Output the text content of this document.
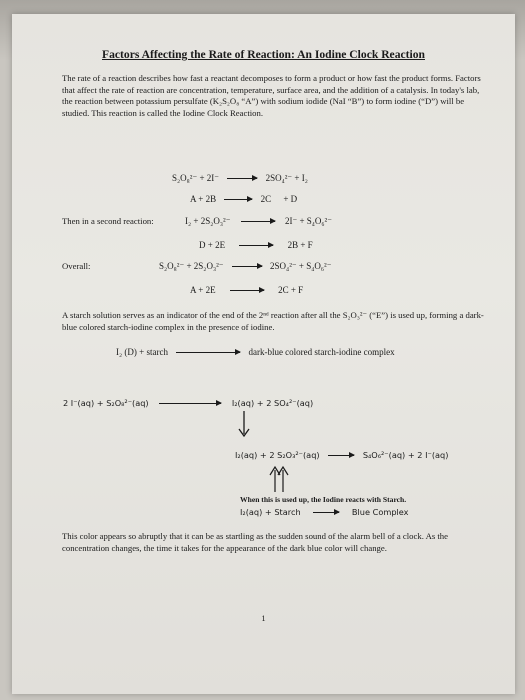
Factors Affecting the Rate of Reaction: An Iodine Clock Reaction
The rate of a reaction describes how fast a reactant decomposes to form a product or how fast the product forms. Factors that affect the rate of reaction are concentration, temperature, surface area, and the addition of a catalysis. In today's lab, the reaction between potassium persulfate (K₂S₂O₈ “A”) with sodium iodide (NaI “B”) to form iodine (“D”) will be studied. This reaction is called the Iodine Clock Reaction.
S₂O₈²⁻ + 2I⁻	2SO₄²⁻ + I₂
A + 2B	2C + D
Then in a second reaction:	I₂ + 2S₂O₃²⁻	2I⁻ + S₄O₆²⁻
D + 2E	2B + F
Overall:	S₂O₈²⁻ + 2S₂O₃²⁻	2SO₄²⁻ + S₄O₆²⁻
A + 2E	2C + F
A starch solution serves as an indicator of the end of the 2ⁿᵈ reaction after all the S₂O₃²⁻ (“E”) is used up, forming a dark-blue colored starch-iodine complex in the presence of iodine.
I₂ (D) + starch	dark-blue colored starch-iodine complex
2 I⁻(aq) + S₂O₈²⁻(aq)	I₂(aq) + 2 SO₄²⁻(aq)
I₂(aq) + 2 S₂O₃²⁻(aq)	S₄O₆²⁻(aq) + 2 I⁻(aq)
When this is used up, the Iodine reacts with Starch.
I₂(aq) + Starch	Blue Complex
This color appears so abruptly that it can be as startling as the sudden sound of the alarm bell of a clock. As the concentration changes, the time it takes for the appearance of the dark blue color will change.
1
